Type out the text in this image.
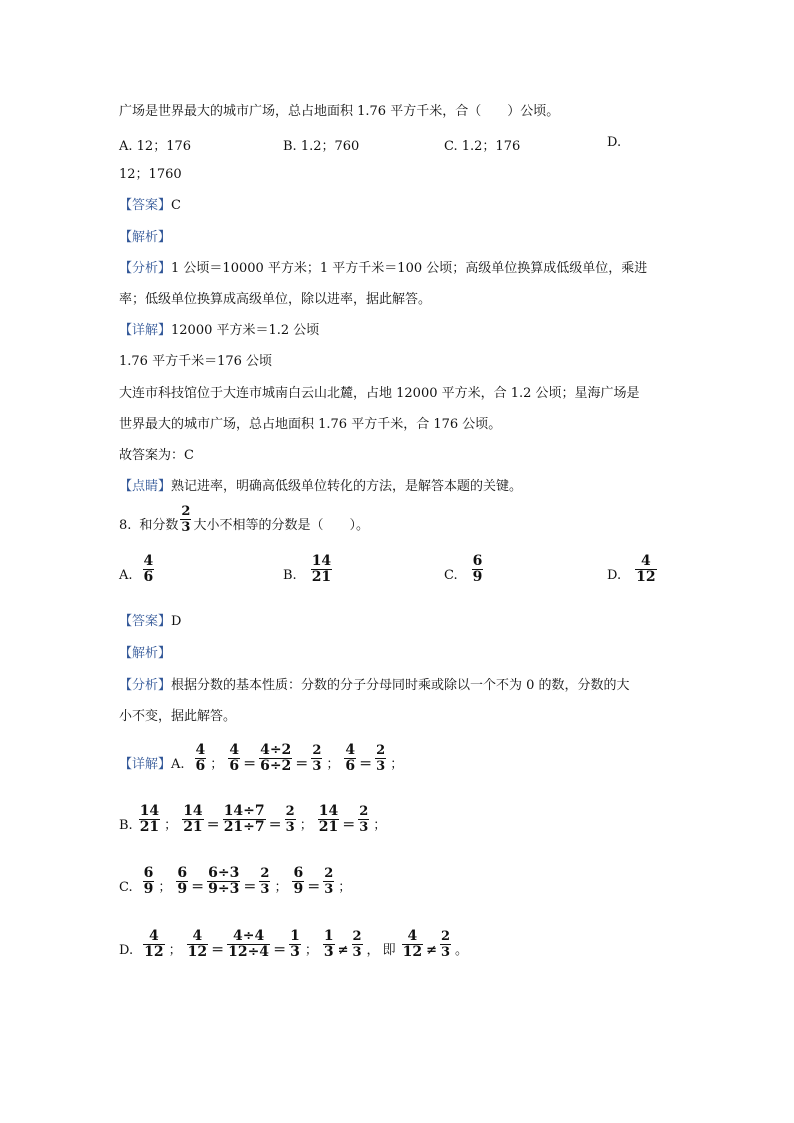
广场是世界最大的城市广场，总占地面积 1.76 平方千米，合（　　）公顷。
A. 12；176	B. 1.2；760	C. 1.2；176	D.
12；1760
【答案】C
【解析】
【分析】1 公顷＝10000 平方米；1 平方千米＝100 公顷；高级单位换算成低级单位，乘进
率；低级单位换算成高级单位，除以进率，据此解答。
【详解】12000 平方米＝1.2 公顷
1.76 平方千米＝176 公顷
大连市科技馆位于大连市城南白云山北麓，占地 12000 平方米，合 1.2 公顷；星海广场是
世界最大的城市广场，总占地面积 1.76 平方千米，合 176 公顷。
故答案为：C
【点睛】熟记进率，明确高低级单位转化的方法，是解答本题的关键。
8. 和分数 $\frac{2}{3}$ 大小不相等的分数是（　　）。
A. $\frac{4}{6}$	B. $\frac{14}{21}$	C. $\frac{6}{9}$	D. $\frac{4}{12}$
【答案】D
【解析】
【分析】根据分数的基本性质：分数的分子分母同时乘或除以一个不为 0 的数，分数的大
小不变，据此解答。
【详解】 A. $\frac{4}{6}$ ； $\frac{4}{6} = \frac{4\div 2}{6\div 2} = \frac{2}{3}$ ； $\frac{4}{6} = \frac{2}{3}$ ；
B. $\frac{14}{21}$ ； $\frac{14}{21} = \frac{14\div 7}{21\div 7} = \frac{2}{3}$ ； $\frac{14}{21} = \frac{2}{3}$ ；
C. $\frac{6}{9}$ ； $\frac{6}{9} = \frac{6\div 3}{9\div 3} = \frac{2}{3}$ ； $\frac{6}{9} = \frac{2}{3}$ ；
D. $\frac{4}{12}$ ； $\frac{4}{12} = \frac{4\div 4}{12\div 4} = \frac{1}{3}$ ； $\frac{1}{3} \ne \frac{2}{3}$ ， 即 $\frac{4}{12} \ne \frac{2}{3}$ 。
